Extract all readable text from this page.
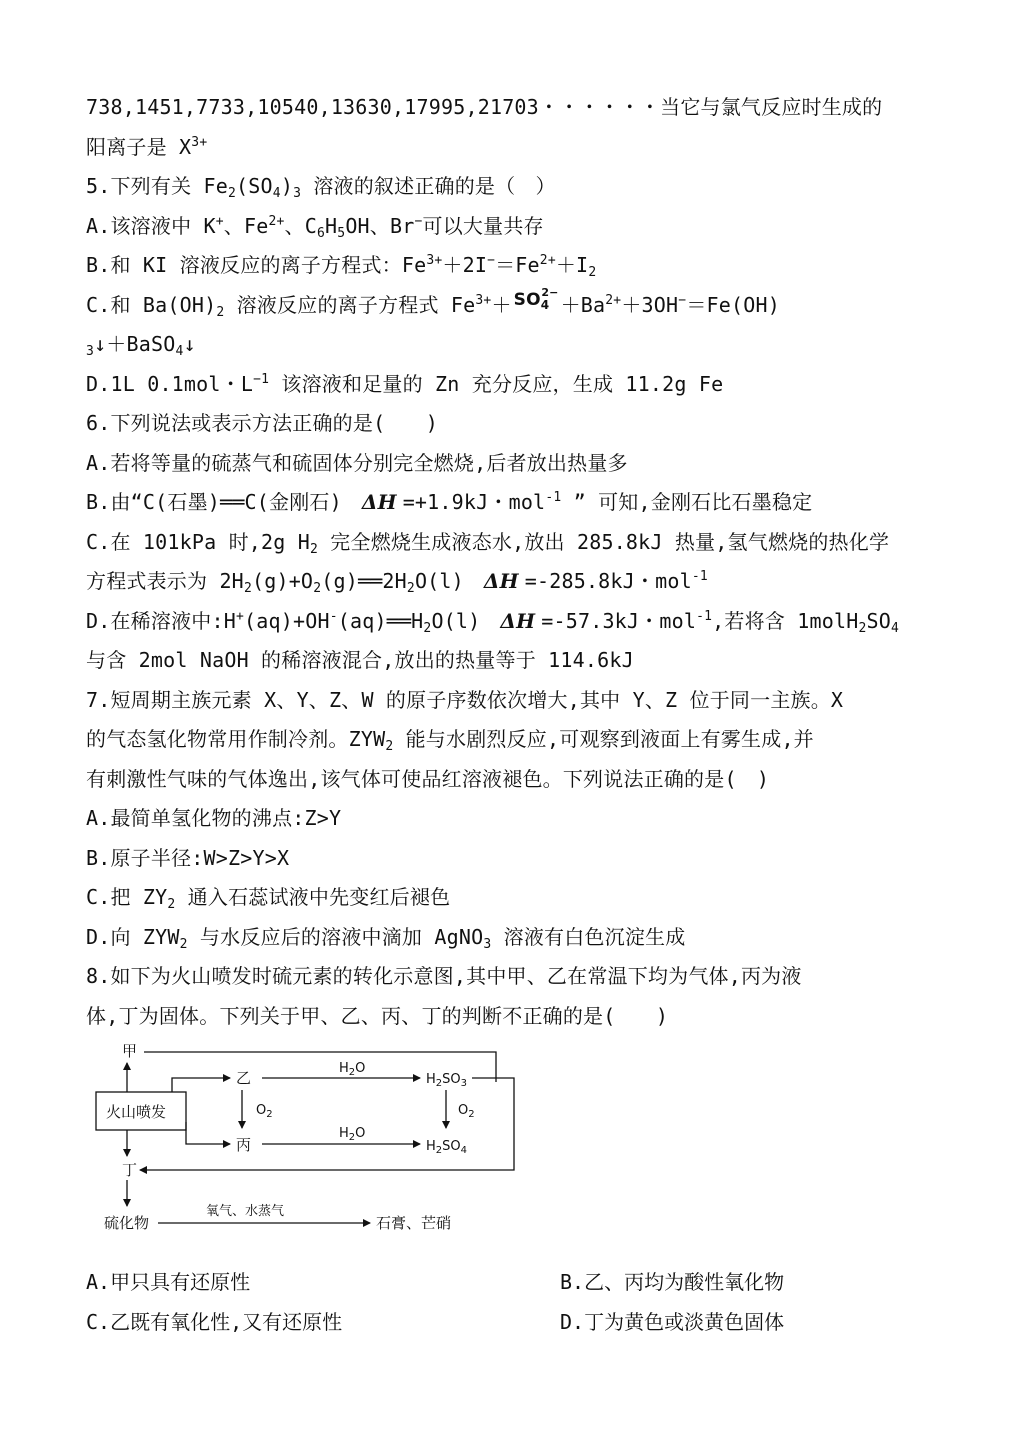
738,1451,7733,10540,13630,17995,21703・・・・・・当它与氯气反应时生成的
阳离子是 $X^{3+}$
5.下列有关 $Fe_2(SO_4)_3$ 溶液的叙述正确的是（　）
A.该溶液中 K+、$Fe^{2+}$、$C_6H_5OH$、Br−可以大量共存
B.和 KI 溶液反应的离子方程式：$Fe^{3+}+2I^-=Fe^{2+}+I_2$
C.和 $Ba(OH)_2$ 溶液反应的离子方程式 $Fe^{3+}+ SO_4^{2-}+Ba^{2+}+3OH^-=Fe(OH)$
$_3$↓＋BaSO$_4$↓
D.1L 0.1mol・$L^{-1}$ 该溶液和足量的 Zn 充分反应，生成 11.2g Fe
6.下列说法或表示方法正确的是(　　)
A.若将等量的硫蒸气和硫固体分别完全燃烧,后者放出热量多
B.由“C(石墨)══C(金刚石) ΔH =+1.9kJ・mol$^{-1}$ ” 可知,金刚石比石墨稳定
C.在 101kPa 时,2g $H_2$ 完全燃烧生成液态水,放出 285.8kJ 热量,氢气燃烧的热化学
方程式表示为 $2H_2(g)+O_2(g)══2H_2O(l)$ ΔH =-285.8kJ・mol$^{-1}$
D.在稀溶液中$:H^+(aq)+OH^-(aq)══H_2O(l)$ ΔH =-57.3kJ・mol$^{-1}$,若将含 $1molH_2SO_4$
与含 2mol NaOH 的稀溶液混合,放出的热量等于 114.6kJ
7.短周期主族元素 X、Y、Z、W 的原子序数依次增大,其中 Y、Z 位于同一主族。X
的气态氢化物常用作制冷剂。$ZYW_2$ 能与水剧烈反应,可观察到液面上有雾生成,并
有刺激性气味的气体逸出,该气体可使品红溶液褪色。下列说法正确的是(　)
A.最简单氢化物的沸点:Z>Y
B.原子半径:W>Z>Y>X
C.把 $ZY_2$ 通入石蕊试液中先变红后褪色
D.向 $ZYW_2$ 与水反应后的溶液中滴加 AgNO$_3$ 溶液有白色沉淀生成
8.如下为火山喷发时硫元素的转化示意图,其中甲、乙在常温下均为气体,丙为液
体,丁为固体。下列关于甲、乙、丙、丁的判断不正确的是(　　)
甲
火山喷发
乙
$O_2$
丙
$H_2O$
$H_2SO_3$
$O_2$
$H_2O$
$H_2SO_4$
丁
硫化物
氧气、水蒸气
石膏、芒硝
A.甲只具有还原性	B.乙、丙均为酸性氧化物
C.乙既有氧化性,又有还原性	D.丁为黄色或淡黄色固体
